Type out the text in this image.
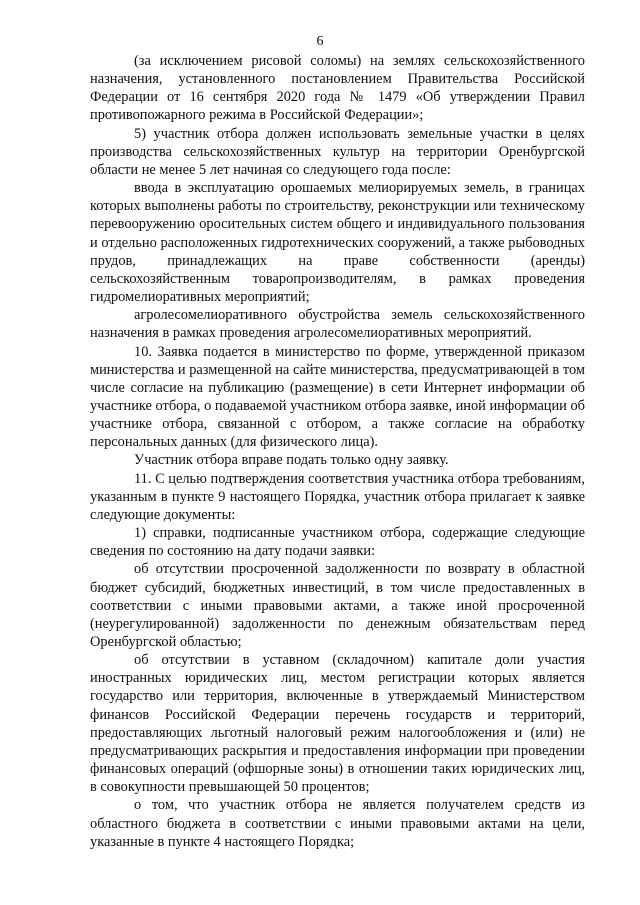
6

(за исключением рисовой соломы) на землях сельскохозяйственного назначения, установленного постановлением Правительства Российской Федерации от 16 сентября 2020 года № 1479 «Об утверждении Правил противопожарного режима в Российской Федерации»;

5) участник отбора должен использовать земельные участки в целях производства сельскохозяйственных культур на территории Оренбургской области не менее 5 лет начиная со следующего года после:

ввода в эксплуатацию орошаемых мелиорируемых земель, в границах которых выполнены работы по строительству, реконструкции или техническому перевооружению оросительных систем общего и индивидуального пользования и отдельно расположенных гидротехнических сооружений, а также рыбоводных прудов, принадлежащих на праве собственности (аренды) сельскохозяйственным товаропроизводителям, в рамках проведения гидромелиоративных мероприятий;

агролесомелиоративного обустройства земель сельскохозяйственного назначения в рамках проведения агролесомелиоративных мероприятий.

10. Заявка подается в министерство по форме, утвержденной приказом министерства и размещенной на сайте министерства, предусматривающей в том числе согласие на публикацию (размещение) в сети Интернет информации об участнике отбора, о подаваемой участником отбора заявке, иной информации об участнике отбора, связанной с отбором, а также согласие на обработку персональных данных (для физического лица).

Участник отбора вправе подать только одну заявку.

11. С целью подтверждения соответствия участника отбора требованиям, указанным в пункте 9 настоящего Порядка, участник отбора прилагает к заявке следующие документы:

1) справки, подписанные участником отбора, содержащие следующие сведения по состоянию на дату подачи заявки:

об отсутствии просроченной задолженности по возврату в областной бюджет субсидий, бюджетных инвестиций, в том числе предоставленных в соответствии с иными правовыми актами, а также иной просроченной (неурегулированной) задолженности по денежным обязательствам перед Оренбургской областью;

об отсутствии в уставном (складочном) капитале доли участия иностранных юридических лиц, местом регистрации которых является государство или территория, включенные в утверждаемый Министерством финансов Российской Федерации перечень государств и территорий, предоставляющих льготный налоговый режим налогообложения и (или) не предусматривающих раскрытия и предоставления информации при проведении финансовых операций (офшорные зоны) в отношении таких юридических лиц, в совокупности превышающей 50 процентов;

о том, что участник отбора не является получателем средств из областного бюджета в соответствии с иными правовыми актами на цели, указанные в пункте 4 настоящего Порядка;
